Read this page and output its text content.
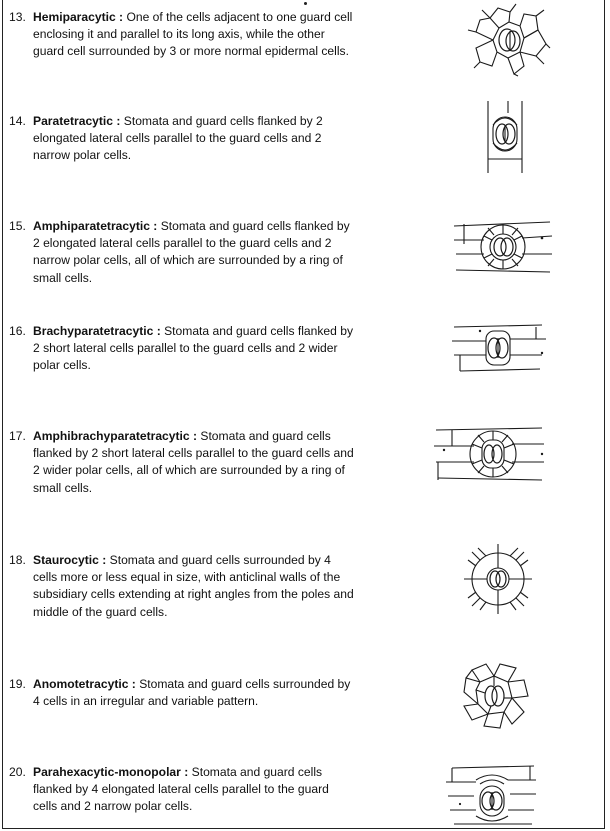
13. Hemiparacytic : One of the cells adjacent to one guard cell enclosing it and parallel to its long axis, while the other guard cell surrounded by 3 or more normal epidermal cells.
14. Paratetracytic : Stomata and guard cells flanked by 2 elongated lateral cells parallel to the guard cells and 2 narrow polar cells.
15. Amphiparatetracytic : Stomata and guard cells flanked by 2 elongated lateral cells parallel to the guard cells and 2 narrow polar cells, all of which are surrounded by a ring of small cells.
16. Brachyparatetracytic : Stomata and guard cells flanked by 2 short lateral cells parallel to the guard cells and 2 wider polar cells.
17. Amphibrachyparatetracytic : Stomata and guard cells flanked by 2 short lateral cells parallel to the guard cells and 2 wider polar cells, all of which are surrounded by a ring of small cells.
18. Staurocytic : Stomata and guard cells surrounded by 4 cells more or less equal in size, with anticlinal walls of the subsidiary cells extending at right angles from the poles and middle of the guard cells.
19. Anomotetracytic : Stomata and guard cells surrounded by 4 cells in an irregular and variable pattern.
20. Parahexacytic-monopolar : Stomata and guard cells flanked by 4 elongated lateral cells parallel to the guard cells and 2 narrow polar cells.
